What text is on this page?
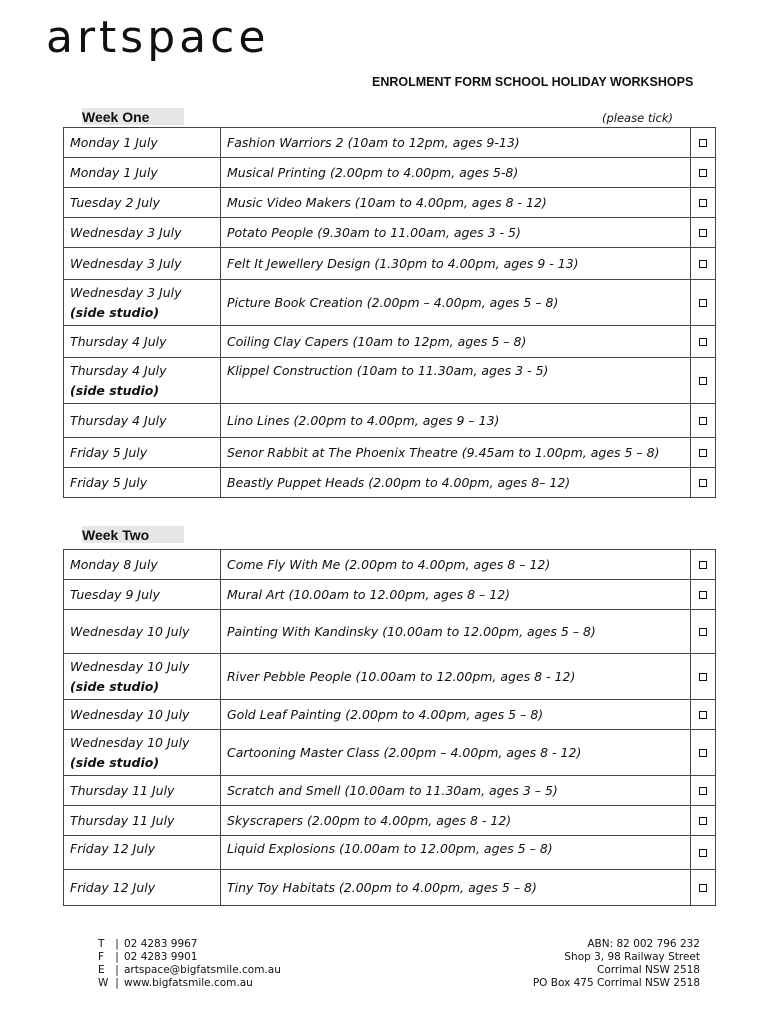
artspace
ENROLMENT FORM SCHOOL HOLIDAY WORKSHOPS
Week One	(please tick)
Monday 1 July	Fashion Warriors 2 (10am to 12pm, ages 9-13)	
Monday 1 July	Musical Printing (2.00pm to 4.00pm, ages 5-8)	
Tuesday 2 July	Music Video Makers (10am to 4.00pm, ages 8 - 12)	
Wednesday 3 July	Potato People (9.30am to 11.00am, ages 3 - 5)	
Wednesday 3 July	Felt It Jewellery Design (1.30pm to 4.00pm, ages 9 - 13)	

Wednesday 3 July
(side studio)	Picture Book Creation (2.00pm – 4.00pm, ages 5 – 8)	
Thursday 4 July	Coiling Clay Capers (10am to 12pm, ages 5 – 8)	

Thursday 4 July
(side studio)	Klippel Construction (10am to 11.30am, ages 3 - 5)	
Thursday 4 July	Lino Lines (2.00pm to 4.00pm, ages 9 – 13)	
Friday 5 July	Senor Rabbit at The Phoenix Theatre (9.45am to 1.00pm, ages 5 – 8)	
Friday 5 July	Beastly Puppet Heads (2.00pm to 4.00pm, ages 8– 12)	
Week Two
Monday 8 July	Come Fly With Me (2.00pm to 4.00pm, ages 8 – 12)	
Tuesday 9 July	Mural Art (10.00am to 12.00pm, ages 8 – 12)	
Wednesday 10 July	Painting With Kandinsky (10.00am to 12.00pm, ages 5 – 8)	

Wednesday 10 July
(side studio)	River Pebble People (10.00am to 12.00pm, ages 8 - 12)	
Wednesday 10 July	Gold Leaf Painting (2.00pm to 4.00pm, ages 5 – 8)	

Wednesday 10 July
(side studio)	Cartooning Master Class (2.00pm – 4.00pm, ages 8 - 12)	
Thursday 11 July	Scratch and Smell (10.00am to 11.30am, ages 3 – 5)	
Thursday 11 July	Skyscrapers (2.00pm to 4.00pm, ages 8 - 12)	
Friday 12 July	Liquid Explosions (10.00am to 12.00pm, ages 5 – 8)	
Friday 12 July	Tiny Toy Habitats (2.00pm to 4.00pm, ages 5 – 8)	
T	| 02 4283 9967
F	| 02 4283 9901
E	| artspace@bigfatsmile.com.au
W | www.bigfatsmile.com.au
ABN: 82 002 796 232
Shop 3, 98 Railway Street
Corrimal NSW 2518
PO Box 475 Corrimal NSW 2518
